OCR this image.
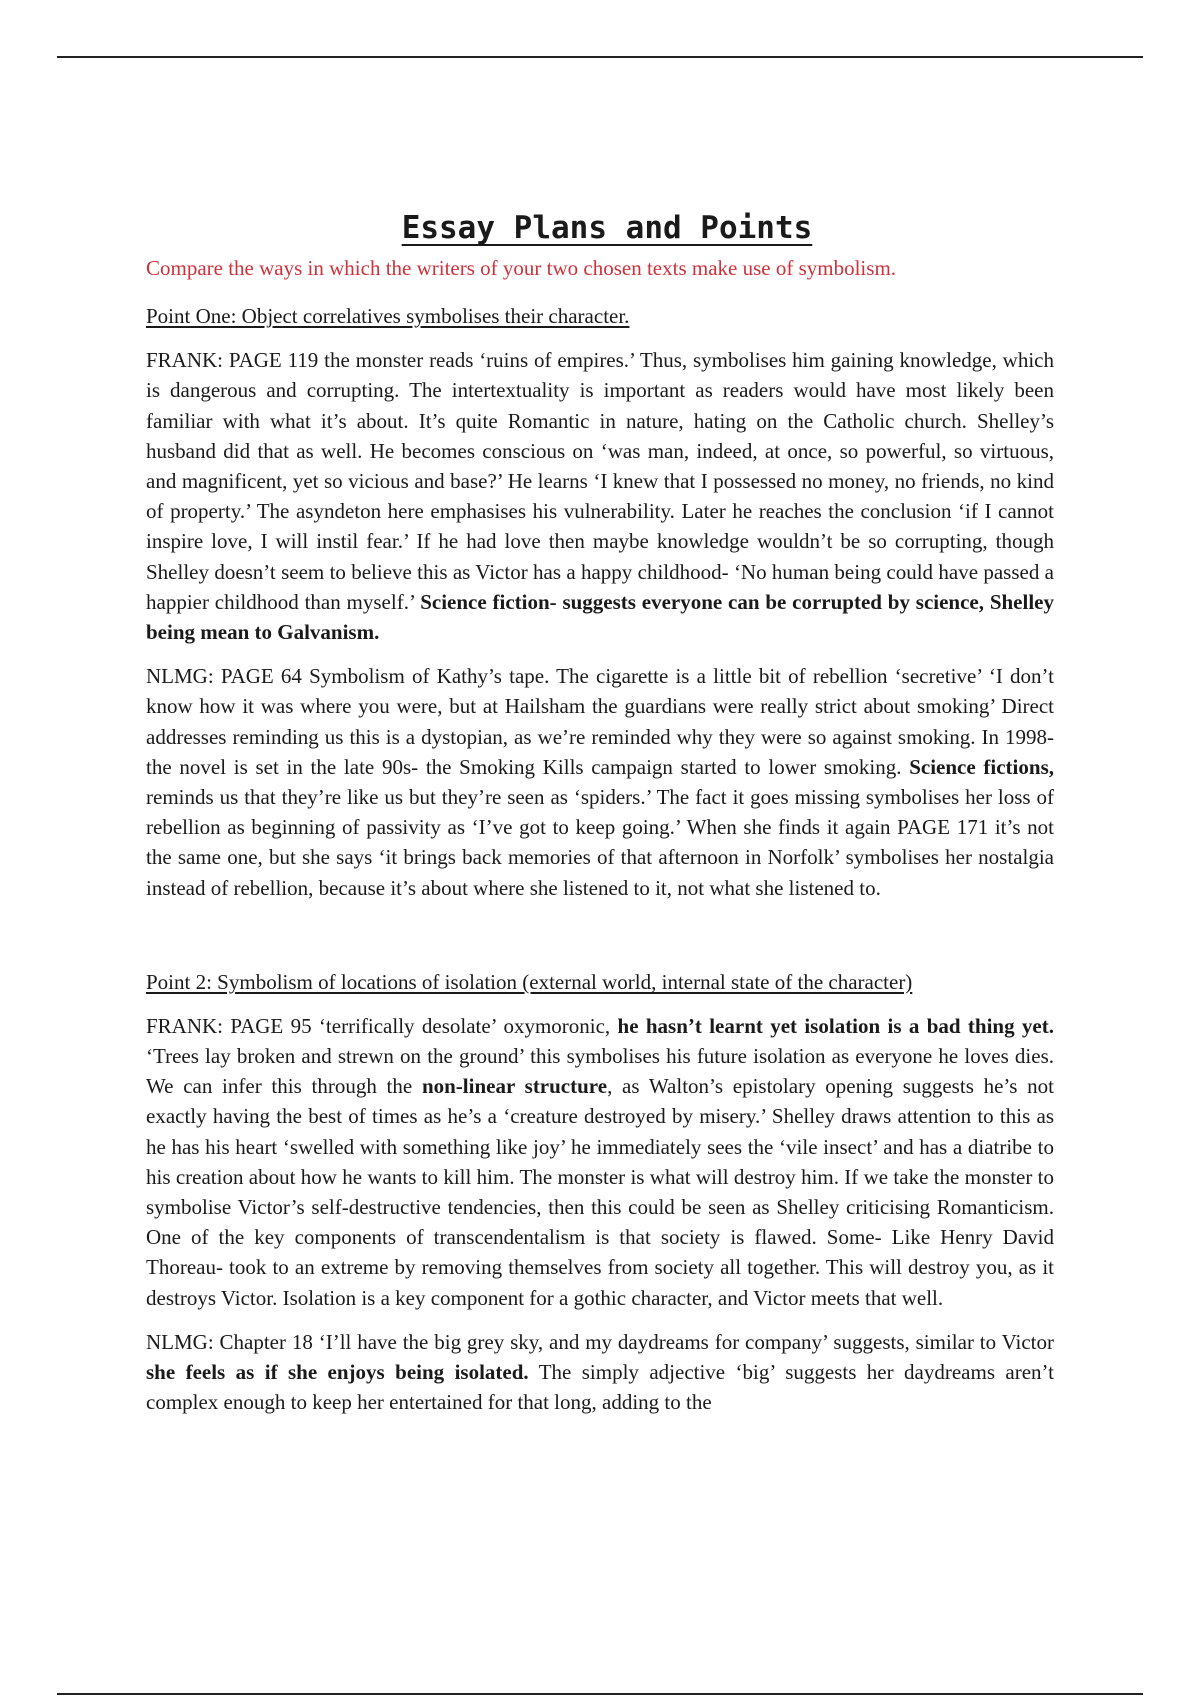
Essay Plans and Points

Compare the ways in which the writers of your two chosen texts make use of symbolism.

Point One: Object correlatives symbolises their character.

FRANK: PAGE 119 the monster reads ‘ruins of empires.’ Thus, symbolises him gaining knowledge, which is dangerous and corrupting. The intertextuality is important as readers would have most likely been familiar with what it’s about. It’s quite Romantic in nature, hating on the Catholic church. Shelley’s husband did that as well. He becomes conscious on ‘was man, indeed, at once, so powerful, so virtuous, and magnificent, yet so vicious and base?’ He learns ‘I knew that I possessed no money, no friends, no kind of property.’ The asyndeton here emphasises his vulnerability. Later he reaches the conclusion ‘if I cannot inspire love, I will instil fear.’ If he had love then maybe knowledge wouldn’t be so corrupting, though Shelley doesn’t seem to believe this as Victor has a happy childhood- ‘No human being could have passed a happier childhood than myself.’ Science fiction- suggests everyone can be corrupted by science, Shelley being mean to Galvanism.

NLMG: PAGE 64 Symbolism of Kathy’s tape. The cigarette is a little bit of rebellion ‘secretive’ ‘I don’t know how it was where you were, but at Hailsham the guardians were really strict about smoking’ Direct addresses reminding us this is a dystopian, as we’re reminded why they were so against smoking. In 1998- the novel is set in the late 90s- the Smoking Kills campaign started to lower smoking. Science fictions, reminds us that they’re like us but they’re seen as ‘spiders.’ The fact it goes missing symbolises her loss of rebellion as beginning of passivity as ‘I’ve got to keep going.’ When she finds it again PAGE 171 it’s not the same one, but she says ‘it brings back memories of that afternoon in Norfolk’ symbolises her nostalgia instead of rebellion, because it’s about where she listened to it, not what she listened to.

Point 2: Symbolism of locations of isolation (external world, internal state of the character)

FRANK: PAGE 95 ‘terrifically desolate’ oxymoronic, he hasn’t learnt yet isolation is a bad thing yet. ‘Trees lay broken and strewn on the ground’ this symbolises his future isolation as everyone he loves dies. We can infer this through the non-linear structure, as Walton’s epistolary opening suggests he’s not exactly having the best of times as he’s a ‘creature destroyed by misery.’ Shelley draws attention to this as he has his heart ‘swelled with something like joy’ he immediately sees the ‘vile insect’ and has a diatribe to his creation about how he wants to kill him. The monster is what will destroy him. If we take the monster to symbolise Victor’s self-destructive tendencies, then this could be seen as Shelley criticising Romanticism. One of the key components of transcendentalism is that society is flawed. Some- Like Henry David Thoreau- took to an extreme by removing themselves from society all together. This will destroy you, as it destroys Victor. Isolation is a key component for a gothic character, and Victor meets that well.

NLMG: Chapter 18 ‘I’ll have the big grey sky, and my daydreams for company’ suggests, similar to Victor she feels as if she enjoys being isolated. The simply adjective ‘big’ suggests her daydreams aren’t complex enough to keep her entertained for that long, adding to the
